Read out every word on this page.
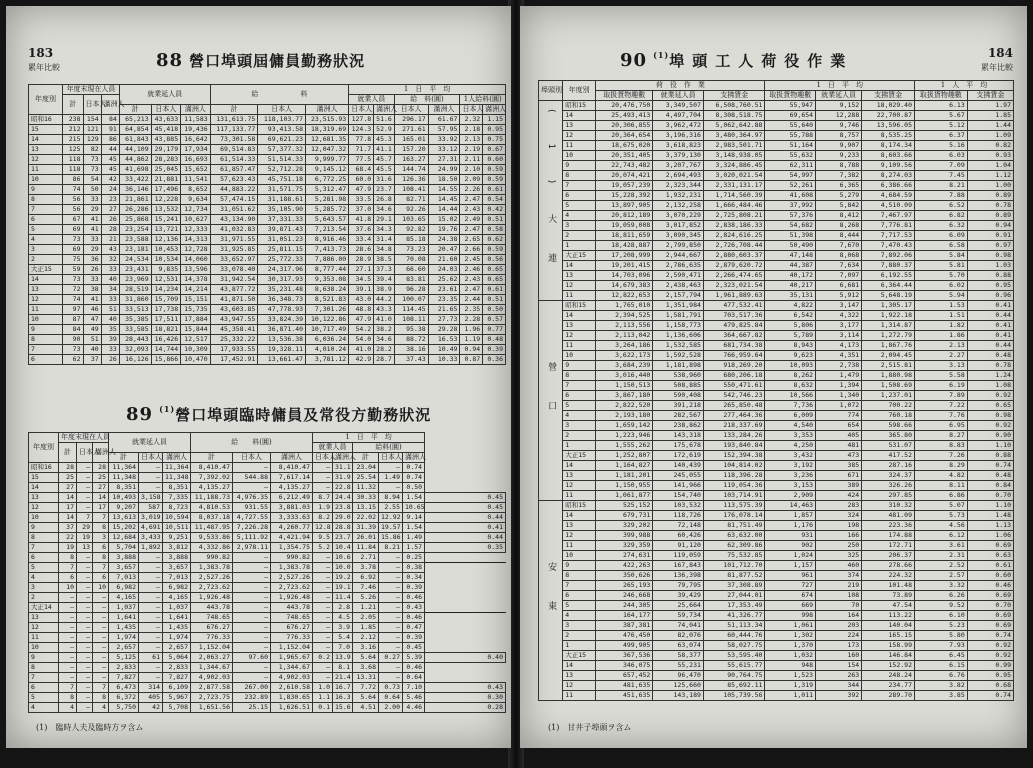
183
累年比較	88 營口埠頭屆傭員勤務狀況
年度別	年度末現在人員			就業延人員			給　　　　　　 料			1　日　平　均					
	計	日本人	滿洲人							就業人員		給　料(圓)		1人給料(圓)	
				計	日本人	滿洲人	計	日本人	滿洲人	日本人	滿洲人	日本人	滿洲人	日本人	滿洲人
昭和16	238	154	84	65,213	43,633	11,583	131,613.75	118,103.77	23,515.93	127.8	51.6	296.17	61.67	2.32	1.15
15	212	121	91	64,854	45,418	19,436	117,133.77	93,413.58	18,319.69	124.3	52.9	271.61	57.95	2.18	0.95
14	215	129	86	61,843	43,885	16,642	73,301.58	69,621.23	12,681.35	77.8	45.3	165.01	33.92	2.13	0.75
13	125	82	44	44,109	29,179	17,934	69,514.83	57,377.32	12,047.32	71.7	41.1	157.20	33.12	2.19	0.67
12	118	73	45	44,862	28,283	16,693	61,514.33	51,514.33	9,999.77	77.5	45.7	163.27	27.31	2.11	0.60
11	118	73	45	41,698	25,045	15,652	61,857.47	52,712.28	9,145.12	68.4	45.5	144.74	24.99	2.10	0.59
10	86	54	42	33,422	21,881	11,541	57,623.43	45,751.18	6,772.25	60.0	31.6	126.36	18.50	2.09	0.59
9	74	50	24	36,146	17,496	8,652	44,883.22	31,571.75	5,312.47	47.9	23.7	108.41	14.55	2.26	0.61
8	56	33	23	21,861	12,228	9,634	57,474.15	31,188.61	5,281.98	33.5	26.8	82.71	14.45	2.47	0.54
7	56	29	27	26,286	13,532	12,734	31,051.62	35,105.90	5,285.72	37.0	34.6	92.26	14.44	2.43	0.42
6	67	41	26	25,868	15,241	10,627	43,134.90	37,331.33	5,643.57	41.8	29.1	103.65	15.02	2.49	0.51
5	69	41	28	23,254	13,721	12,333	41,032.83	39,871.43	7,213.54	37.6	34.3	92.82	19.76	2.47	0.58
4	73	33	21	23,588	12,136	14,313	31,971.55	31,051.23	8,916.46	33.4	31.4	85.18	24.38	2.65	0.62
3	69	29	43	23,181	10,453	12,728	31,925.85	25,811.15	7,413.73	28.6	34.8	73.23	20.47	2.66	0.59
2	75	36	32	24,534	10,534	14,060	33,652.97	25,772.33	7,886.00	28.9	38.5	70.08	21.60	2.45	0.56
大正15	59	26	33	23,431	9,835	13,596	33,078.40	24,317.96	8,777.44	27.1	37.3	66.60	24.03	2.46	0.65
14	73	33	40	23,969	12,531	14,378	31,942.54	30,317.93	9,353.08	34.5	39.4	83.81	25.62	2.43	0.65
13	72	38	34	28,519	14,234	14,214	43,877.72	35,231.48	8,638.24	39.1	38.9	96.28	23.61	2.47	0.61
12	74	41	33	31,860	15,709	15,151	41,871.50	36,348.73	8,521.83	43.0	44.2	100.07	23.35	2.44	0.51
11	97	46	51	33,513	17,738	15,735	43,603.85	47,778.93	7,301.26	48.8	43.3	114.45	21.65	2.35	0.50
10	87	47	40	35,385	17,511	17,884	43,947.55	33,824.39	10,122.86	47.9	41.0	108.11	27.73	2.28	0.57
9	84	49	35	33,585	18,821	15,844	45,358.41	36,871.40	10,717.49	54.2	38.2	95.38	29.28	1.96	0.77
8	90	51	39	28,443	16,426	12,517	25,332.22	13,536.38	6,036.24	54.0	34.6	88.72	16.53	1.19	0.48
7	73	40	33	32,093	14,744	10,309	17,933.55	19,328.11	4,010.24	41.0	28.2	38.16	10.49	0.94	0.39
6	62	37	26	16,126	15,866	10,470	17,452.91	13,661.47	3,781.12	42.9	28.7	37.43	10.33	0.87	0.36
89 $^{(1)}$營口埠頭臨時傭員及常役方勤務狀況
年度別	年度末現在人員			就業延人員			給　　料(圓)			1　日　平　均					
	計	日本人	滿洲人							就業人員		給料(圓)			
				計	日本人	滿洲人	計	日本人	滿洲人	日本人	滿洲人	計	日本人	滿洲人	
昭和16	28	—	28	11,364	—	11,364	8,410.47	—	8,410.47	—	31.1	23.04	—	0.74	
15	25	—	25	11,348	—	11,348	7,392.02	544.88	7,617.14	—	31.9	25.54	1.49	0.74	
14	27	—	27	8,351	—	8,351	4,135.27	—	4,135.27	—	22.8	11.32	—	0.50	
13	14	—	14	10,493	3,158	7,335	11,188.73	4,976.35	6,212.49	8.7	24.4	30.33	8.94	1.54	0.45
12	17	—	17	9,207	587	8,723	4,810.53	931.55	3,881.03	1.9	23.8	13.15	2.55	10.65	0.45
10	14	7	7	13,613	3,019	10,594	8,037.18	4,727.55	3,333.63	8.2	29.0	22.02	12.92	9.14	0.44
9	37	29	8	15,202	4,691	10,511	11,487.95	7,226.28	4,260.77	12.8	28.8	31.39	19.57	1.54	0.41
8	22	19	3	12,684	3,433	9,251	9,533.86	5,111.92	4,421.94	9.5	23.7	26.01	15.86	1.49	0.44
7	19	13	6	5,704	1,892	3,812	4,332.86	2,978.11	1,354.75	5.2	10.4	11.84	8.21	1.57	0.35
6	8	—	8	3,888	—	3,888	990.82	—	990.82	—	10.6	2.71	—	0.25	
5	7	—	7	3,657	—	3,657	1,383.78	—	1,383.78	—	10.0	3.78	—	0.38	
4	6	—	6	7,013	—	7,013	2,527.26	—	2,527.26	—	19.2	6.92	—	0.34	
3	10	—	10	6,982	—	6,982	2,723.62	—	2,723.62	—	19.1	7.46	—	0.39	
2	—	—	—	4,165	—	4,165	1,926.48	—	1,926.48	—	11.4	5.26	—	0.46	
大正14	—	—	—	1,037	—	1,037	443.78	—	443.78	—	2.8	1.21	—	0.43	
13	—	—	—	1,641	—	1,641	748.65	—	748.65	—	4.5	2.05	—	0.46	
12	—	—	—	1,435	—	1,435	676.27	—	676.27	—	3.9	1.85	—	0.47	
11	—	—	—	1,974	—	1,974	776.33	—	776.33	—	5.4	2.12	—	0.39	
10	—	—	—	2,657	—	2,657	1,152.04	—	1,152.04	—	7.0	3.16	—	0.45	
9	—	—	—	5,125	61	5,064	2,063.27	97.60	1,965.67	0.2	13.9	5.64	0.27	5.39	0.40
8	—	—	—	2,833	—	2,833	1,344.67	—	1,344.67	—	8.1	3.68	—	0.46	
7	—	—	—	7,827	—	7,827	4,902.03	—	4,902.03	—	21.4	13.31	—	0.64	
6	7	—	7	6,473	314	6,109	2,877.58	267.00	2,610.58	1.0	16.7	7.72	0.73	7.10	0.43
5	8	—	8	6,372	405	5,967	2,723.75	232.89	1,830.65	1.1	16.3	5.64	0.64	5.46	0.30
4	4	—	4	5,750	42	5,708	1,651.56	25.15	1,626.51	0.1	15.6	4.51	2.00	4.46	0.28
(1)　臨時人夫及臨時方ヲ含ム
184
累年比較
90 $^{(1)}$埠頭工人荷役作業
埠頭別	年度別	荷　役　作　業			1　日　平　均			1　人　平　均	
		取扱貨物趣數	就業延人員	支拂賃金	取扱貨物趣數	就業延人員	支拂賃金	取扱貨物趣數	支拂賃金
(1)大連	昭和15	20,476,750	3,349,507	6,508,760.51	55,947	9,152	18,029.40	6.13	1.97
	14	25,493,413	4,497,704	8,308,518.75	69,654	12,288	22,700.87	5.67	1.85
	13	20,306,855	3,962,472	5,062,642.88	55,640	9,746	13,596.05	5.12	1.44
	12	20,364,654	3,196,316	3,480,364.97	55,788	8,757	8,535.25	6.37	1.09
	11	18,675,020	3,618,823	2,983,501.71	51,164	9,907	8,174.34	5.16	0.82
	10	20,351,405	3,379,130	3,148,938.05	55,632	9,233	8,603.66	6.03	0.93
	9	22,743,482	3,207,767	3,324,886.45	62,311	8,788	9,109.56	7.09	1.04
	8	20,074,421	2,694,493	3,020,021.54	54,997	7,382	8,274.03	7.45	1.12
	7	19,057,239	2,323,344	2,331,131.17	52,261	6,365	6,386.66	8.21	1.00
	6	15,228,392	1,932,231	1,714,560.39	41,608	5,279	4,684.59	7.88	0.89
	5	13,897,905	2,132,258	1,666,484.46	37,992	5,842	4,510.09	6.52	0.78
	4	20,812,189	3,070,229	2,725,808.21	57,376	8,412	7,467.97	6.82	0.89
	3	19,059,008	3,017,852	2,838,186.33	54,682	8,268	7,776.81	6.32	0.94
	2	18,811,659	3,090,345	2,824,616.25	51,398	8,444	7,717.53	6.09	0.91
	1	18,428,887	2,799,850	2,726,708.44	50,490	7,670	7,470.43	6.58	0.97
	大正15	17,208,999	2,944,667	2,880,603.37	47,148	8,068	7,892.06	5.84	0.98
	14	19,201,415	2,786,635	2,879,620.72	44,387	7,634	7,880.37	5.81	1.03
	13	14,703,096	2,590,471	2,266,474.65	40,172	7,097	6,192.55	5.70	0.88
	12	14,679,383	2,438,463	2,323,021.54	40,217	6,681	6,364.44	6.02	0.95
	11	12,822,653	2,157,794	1,961,889.63	35,131	5,912	5,648.19	5.94	0.96
營口	昭和15	1,765,010	1,351,984	477,532.41	4,822	3,147	1,305.17	1.53	0.41
	14	2,394,525	1,581,791	703,517.36	6,542	4,322	1,922.18	1.51	0.44
	13	2,113,556	1,158,773	479,825.84	5,806	3,177	1,314.87	1.82	0.41
	12	2,113,042	1,136,606	364,667.82	5,789	3,114	1,272.79	1.86	0.41
	11	3,264,186	1,532,585	681,734.38	8,943	4,173	1,867.76	2.13	0.44
	10	3,622,173	1,592,528	766,959.64	9,623	4,351	2,094.45	2.27	0.48
	9	3,684,239	1,181,898	918,269.20	10,093	2,738	2,515.81	3.13	0.78
	8	3,016,440	538,960	680,206.18	8,262	1,479	1,880.98	5.58	1.24
	7	1,150,513	508,885	550,471.61	8,632	1,394	1,508.69	6.19	1.08
	6	3,867,180	590,408	542,746.23	10,566	1,340	1,237.01	7.89	0.92
	5	2,822,520	391,218	265,850.48	7,736	1,072	700.22	7.22	0.65
	4	2,193,180	282,567	277,464.36	6,009	774	760.18	7.76	0.98
	3	1,659,142	238,862	218,337.69	4,540	654	598.66	6.95	0.92
	2	1,223,946	143,318	133,284.26	3,353	405	365.80	8.27	0.90
	1	1,555,262	175,678	193,840.84	4,250	481	531.07	8.83	1.10
	大正15	1,252,807	172,619	152,394.38	3,432	473	417.52	7.26	0.88
	14	1,164,827	140,439	104,814.02	3,192	385	287.16	8.29	0.74
	13	1,181,201	245,055	118,396.28	3,236	671	324.37	4.82	0.48
	12	1,150,955	141,966	119,054.36	3,153	389	326.26	8.11	0.84
	11	1,061,877	154,740	103,714.91	2,909	424	297.85	6.86	0.70
安東	昭和15	525,152	103,532	113,575.39	14,463	283	310.32	5.07	1.10
	14	679,731	118,726	176,078.14	1,857	324	481.09	5.73	1.48
	13	329,202	72,148	81,751.49	1,176	198	223.36	4.56	1.13
	12	399,988	60,426	63,632.00	931	166	174.88	6.12	1.06
	11	329,359	91,120	62,309.86	902	250	172.71	3.61	0.69
	10	274,631	119,059	75,532.85	1,024	325	206.37	2.31	0.63
	9	422,263	167,843	101,712.70	1,157	460	278.66	2.52	0.61
	8	350,626	136,398	81,877.52	961	374	224.32	2.57	0.60
	7	265,193	79,795	37,308.89	727	219	101.48	3.32	0.46
	6	246,668	39,429	27,044.01	674	108	73.89	6.26	0.69
	5	244,305	25,664	17,353.49	669	70	47.54	9.52	0.70
	4	164,177	59,734	41,326.77	998	164	113.22	6.10	0.69
	3	387,381	74,041	51,113.34	1,061	203	140.04	5.23	0.69
	2	476,450	82,076	60,444.76	1,302	224	165.15	5.80	0.74
	1	499,905	63,074	58,027.75	1,370	173	158.99	7.93	0.92
	大正15	367,536	58,377	53,595.40	1,032	160	146.84	6.45	0.92
	14	346,075	55,231	55,615.77	948	154	152.92	6.15	0.99
	13	657,452	96,470	90,764.75	1,523	263	248.24	6.76	0.95
	12	481,635	125,660	85,692.11	1,319	344	234.77	3.82	0.68
	11	451,635	143,189	105,739.56	1,011	392	289.70	3.85	0.74
(1)　甘井子埠頭ヲ含ム
